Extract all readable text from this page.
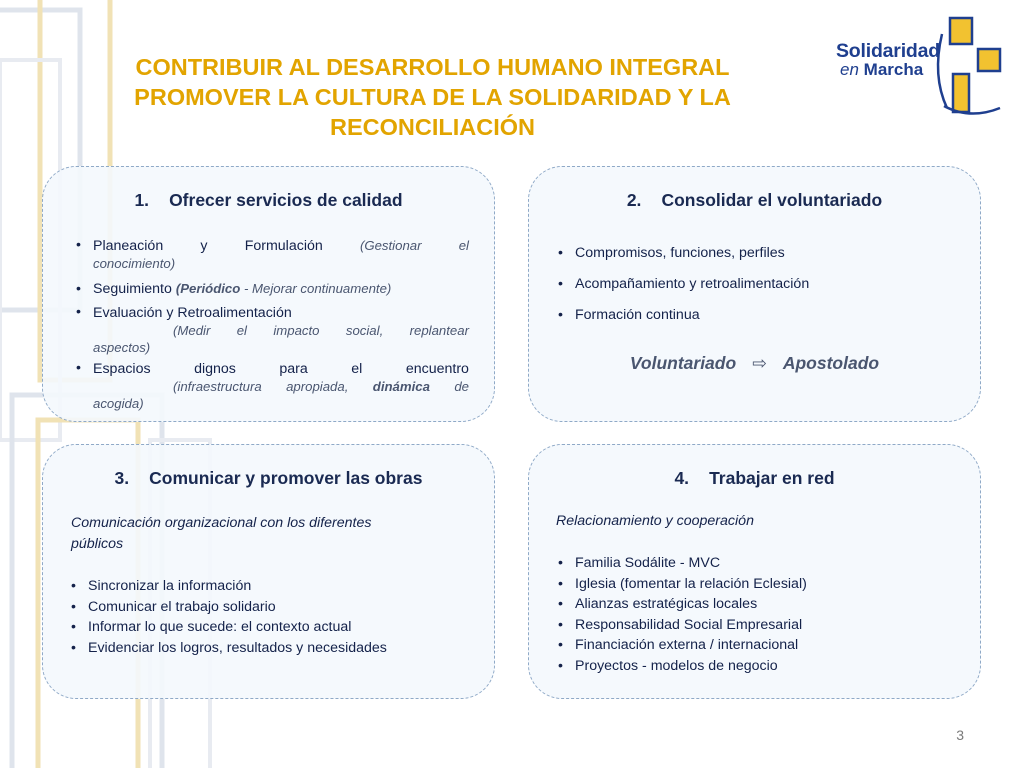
CONTRIBUIR AL DESARROLLO HUMANO INTEGRAL
PROMOVER LA CULTURA DE LA SOLIDARIDAD Y LA
RECONCILIACIÓN
Solidaridad
en Marcha
1. Ofrecer servicios de calidad
• Planeación	y	Formulación	(Gestionar	el
conocimiento)
• Seguimiento (Periódico - Mejorar continuamente)
• Evaluación y Retroalimentación
(Medir el impacto social, replantear
aspectos)
• Espacios	dignos	para	el	encuentro
(infraestructura apropiada, dinámica de
acogida)
2. Consolidar el voluntariado
• Compromisos, funciones, perfiles
• Acompañamiento y retroalimentación
• Formación continua
Voluntariado ⇨ Apostolado
3. Comunicar y promover las obras
Comunicación organizacional con los diferentes
públicos
• Sincronizar la información
• Comunicar el trabajo solidario
• Informar lo que sucede: el contexto actual
• Evidenciar los logros, resultados y necesidades
4. Trabajar en red
Relacionamiento y cooperación
• Familia Sodálite - MVC
• Iglesia (fomentar la relación Eclesial)
• Alianzas estratégicas locales
• Responsabilidad Social Empresarial
• Financiación externa / internacional
• Proyectos - modelos de negocio
3
